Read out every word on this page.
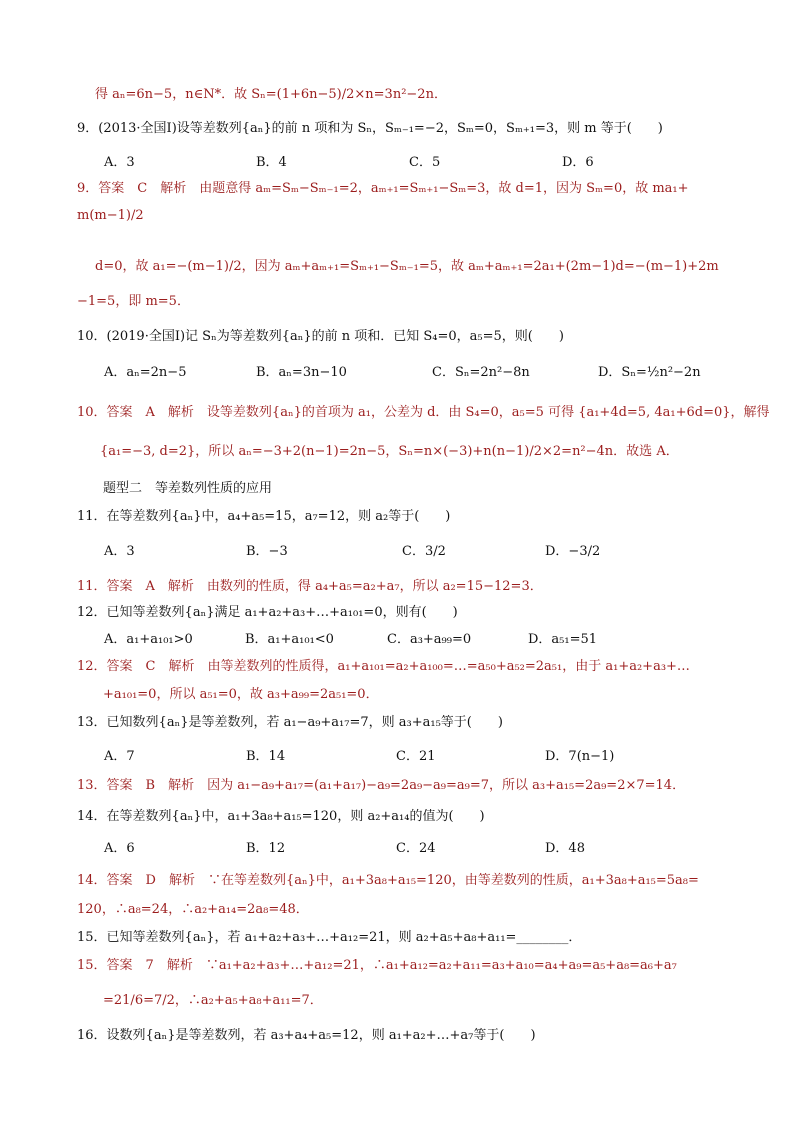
得 aₙ=6n−5，n∈N*．故 Sₙ=(1+6n−5)/2×n=3n²−2n．
9．(2013·全国Ⅰ)设等差数列{aₙ}的前 n 项和为 Sₙ，Sₘ₋₁=−2，Sₘ=0，Sₘ₊₁=3，则 m 等于(　　)
A．3	B．4	C．5	D．6
9．答案　C　解析　由题意得 aₘ=Sₘ−Sₘ₋₁=2，aₘ₊₁=Sₘ₊₁−Sₘ=3，故 d=1，因为 Sₘ=0，故 ma₁+
m(m−1)/2
d=0，故 a₁=−(m−1)/2，因为 aₘ+aₘ₊₁=Sₘ₊₁−Sₘ₋₁=5，故 aₘ+aₘ₊₁=2a₁+(2m−1)d=−(m−1)+2m
−1=5，即 m=5．
10．(2019·全国Ⅰ)记 Sₙ为等差数列{aₙ}的前 n 项和．已知 S₄=0，a₅=5，则(　　)
A．aₙ=2n−5	B．aₙ=3n−10	C．Sₙ=2n²−8n	D．Sₙ=½n²−2n
10．答案　A　解析　设等差数列{aₙ}的首项为 a₁，公差为 d．由 S₄=0，a₅=5 可得 {a₁+4d=5, 4a₁+6d=0}，解得
{a₁=−3, d=2}，所以 aₙ=−3+2(n−1)=2n−5，Sₙ=n×(−3)+n(n−1)/2×2=n²−4n．故选 A．
题型二　等差数列性质的应用
11．在等差数列{aₙ}中，a₄+a₅=15，a₇=12，则 a₂等于(　　)
A．3	B．−3	C．3/2	D．−3/2
11．答案　A　解析　由数列的性质，得 a₄+a₅=a₂+a₇，所以 a₂=15−12=3．
12．已知等差数列{aₙ}满足 a₁+a₂+a₃+…+a₁₀₁=0，则有(　　)
A．a₁+a₁₀₁>0	B．a₁+a₁₀₁<0	C．a₃+a₉₉=0	D．a₅₁=51
12．答案　C　解析　由等差数列的性质得，a₁+a₁₀₁=a₂+a₁₀₀=…=a₅₀+a₅₂=2a₅₁，由于 a₁+a₂+a₃+…
+a₁₀₁=0，所以 a₅₁=0，故 a₃+a₉₉=2a₅₁=0．
13．已知数列{aₙ}是等差数列，若 a₁−a₉+a₁₇=7，则 a₃+a₁₅等于(　　)
A．7	B．14	C．21	D．7(n−1)
13．答案　B　解析　因为 a₁−a₉+a₁₇=(a₁+a₁₇)−a₉=2a₉−a₉=a₉=7，所以 a₃+a₁₅=2a₉=2×7=14．
14．在等差数列{aₙ}中，a₁+3a₈+a₁₅=120，则 a₂+a₁₄的值为(　　)
A．6	B．12	C．24	D．48
14．答案　D　解析　∵在等差数列{aₙ}中，a₁+3a₈+a₁₅=120，由等差数列的性质，a₁+3a₈+a₁₅=5a₈=
120，∴a₈=24，∴a₂+a₁₄=2a₈=48．
15．已知等差数列{aₙ}，若 a₁+a₂+a₃+…+a₁₂=21，则 a₂+a₅+a₈+a₁₁=________．
15．答案　7　解析　∵a₁+a₂+a₃+…+a₁₂=21，∴a₁+a₁₂=a₂+a₁₁=a₃+a₁₀=a₄+a₉=a₅+a₈=a₆+a₇
=21/6=7/2，∴a₂+a₅+a₈+a₁₁=7．
16．设数列{aₙ}是等差数列，若 a₃+a₄+a₅=12，则 a₁+a₂+…+a₇等于(　　)
